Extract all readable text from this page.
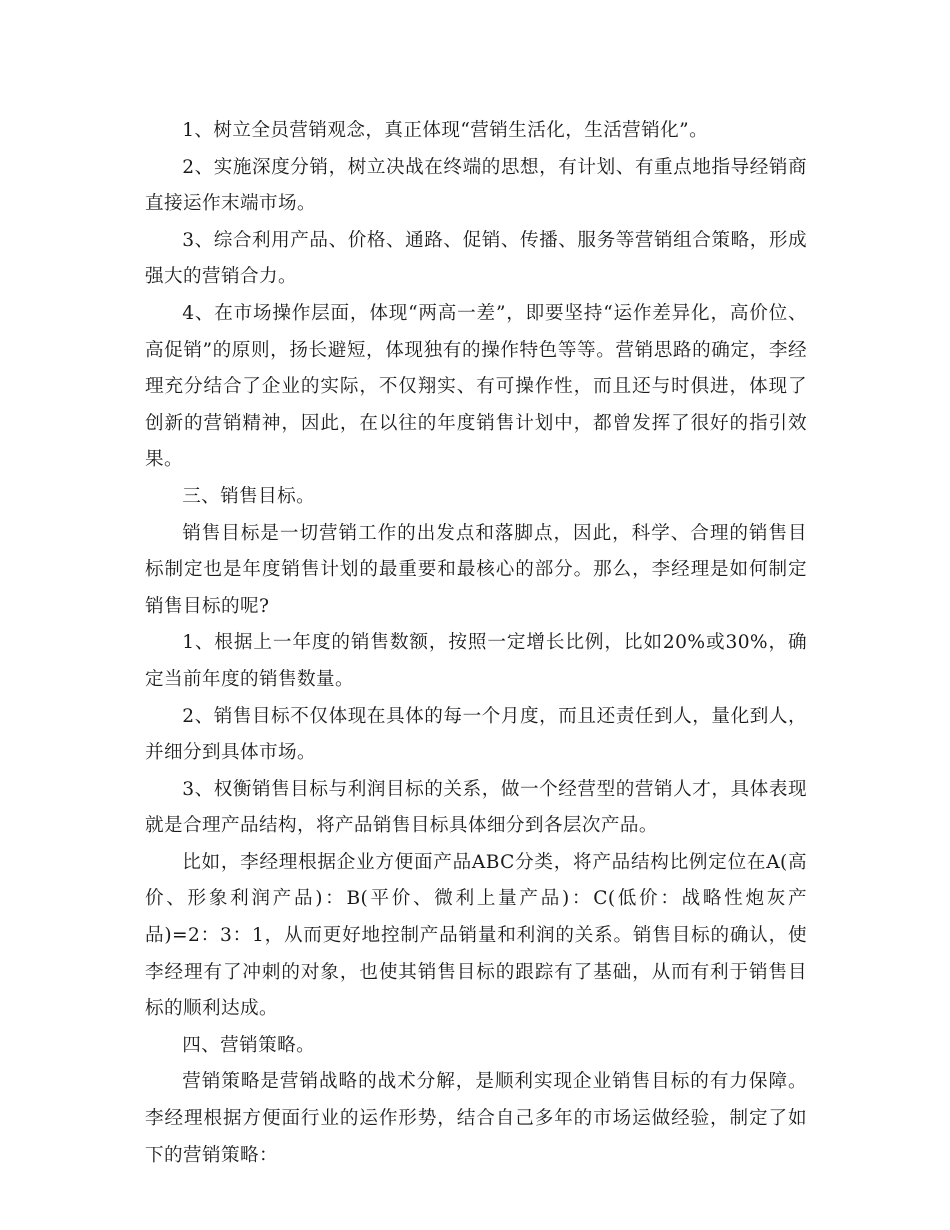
1、树立全员营销观念，真正体现“营销生活化，生活营销化”。

2、实施深度分销，树立决战在终端的思想，有计划、有重点地指导经销商直接运作末端市场。

3、综合利用产品、价格、通路、促销、传播、服务等营销组合策略，形成强大的营销合力。

4、在市场操作层面，体现“两高一差”，即要坚持“运作差异化，高价位、高促销”的原则，扬长避短，体现独有的操作特色等等。营销思路的确定，李经理充分结合了企业的实际，不仅翔实、有可操作性，而且还与时俱进，体现了创新的营销精神，因此，在以往的年度销售计划中，都曾发挥了很好的指引效果。

三、销售目标。

销售目标是一切营销工作的出发点和落脚点，因此，科学、合理的销售目标制定也是年度销售计划的最重要和最核心的部分。那么，李经理是如何制定销售目标的呢?

1、根据上一年度的销售数额，按照一定增长比例，比如20%或30%，确定当前年度的销售数量。

2、销售目标不仅体现在具体的每一个月度，而且还责任到人，量化到人，并细分到具体市场。

3、权衡销售目标与利润目标的关系，做一个经营型的营销人才，具体表现就是合理产品结构，将产品销售目标具体细分到各层次产品。

比如，李经理根据企业方便面产品ABC分类，将产品结构比例定位在A(高价、形象利润产品)：B(平价、微利上量产品)：C(低价：战略性炮灰产品)=2：3：1，从而更好地控制产品销量和利润的关系。销售目标的确认，使李经理有了冲刺的对象，也使其销售目标的跟踪有了基础，从而有利于销售目标的顺利达成。

四、营销策略。

营销策略是营销战略的战术分解，是顺利实现企业销售目标的有力保障。李经理根据方便面行业的运作形势，结合自己多年的市场运做经验，制定了如下的营销策略：
